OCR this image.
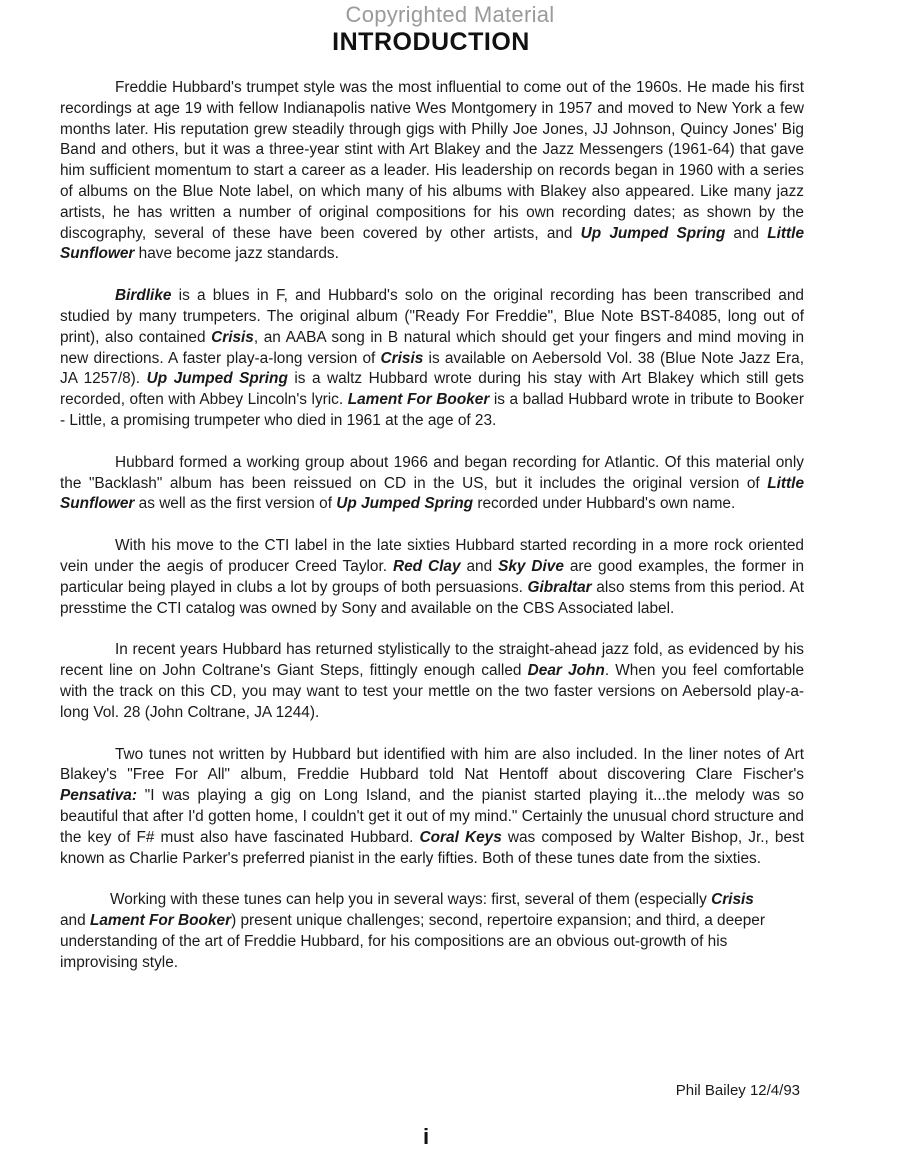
Copyrighted Material
INTRODUCTION

Freddie Hubbard's trumpet style was the most influential to come out of the 1960s. He made his first recordings at age 19 with fellow Indianapolis native Wes Montgomery in 1957 and moved to New York a few months later. His reputation grew steadily through gigs with Philly Joe Jones, JJ Johnson, Quincy Jones' Big Band and others, but it was a three-year stint with Art Blakey and the Jazz Messengers (1961-64) that gave him sufficient momentum to start a career as a leader. His leadership on records began in 1960 with a series of albums on the Blue Note label, on which many of his albums with Blakey also appeared. Like many jazz artists, he has written a number of original compositions for his own recording dates; as shown by the discography, several of these have been covered by other artists, and Up Jumped Spring and Little Sunflower have become jazz standards.

Birdlike is a blues in F, and Hubbard's solo on the original recording has been transcribed and studied by many trumpeters. The original album ("Ready For Freddie", Blue Note BST-84085, long out of print), also contained Crisis, an AABA song in B natural which should get your fingers and mind moving in new directions. A faster play-a-long version of Crisis is available on Aebersold Vol. 38 (Blue Note Jazz Era, JA 1257/8). Up Jumped Spring is a waltz Hubbard wrote during his stay with Art Blakey which still gets recorded, often with Abbey Lincoln's lyric. Lament For Booker is a ballad Hubbard wrote in tribute to Booker - Little, a promising trumpeter who died in 1961 at the age of 23.

Hubbard formed a working group about 1966 and began recording for Atlantic. Of this material only the "Backlash" album has been reissued on CD in the US, but it includes the original version of Little Sunflower as well as the first version of Up Jumped Spring recorded under Hubbard's own name.

With his move to the CTI label in the late sixties Hubbard started recording in a more rock oriented vein under the aegis of producer Creed Taylor. Red Clay and Sky Dive are good examples, the former in particular being played in clubs a lot by groups of both persuasions. Gibraltar also stems from this period. At presstime the CTI catalog was owned by Sony and available on the CBS Associated label.

In recent years Hubbard has returned stylistically to the straight-ahead jazz fold, as evidenced by his recent line on John Coltrane's Giant Steps, fittingly enough called Dear John. When you feel comfortable with the track on this CD, you may want to test your mettle on the two faster versions on Aebersold play-a-long Vol. 28 (John Coltrane, JA 1244).

Two tunes not written by Hubbard but identified with him are also included. In the liner notes of Art Blakey's "Free For All" album, Freddie Hubbard told Nat Hentoff about discovering Clare Fischer's Pensativa: "I was playing a gig on Long Island, and the pianist started playing it...the melody was so beautiful that after I'd gotten home, I couldn't get it out of my mind." Certainly the unusual chord structure and the key of F# must also have fascinated Hubbard. Coral Keys was composed by Walter Bishop, Jr., best known as Charlie Parker's preferred pianist in the early fifties. Both of these tunes date from the sixties.

Working with these tunes can help you in several ways: first, several of them (especially Crisis and Lament For Booker) present unique challenges; second, repertoire expansion; and third, a deeper understanding of the art of Freddie Hubbard, for his compositions are an obvious out-growth of his improvising style.

Phil Bailey 12/4/93
i
